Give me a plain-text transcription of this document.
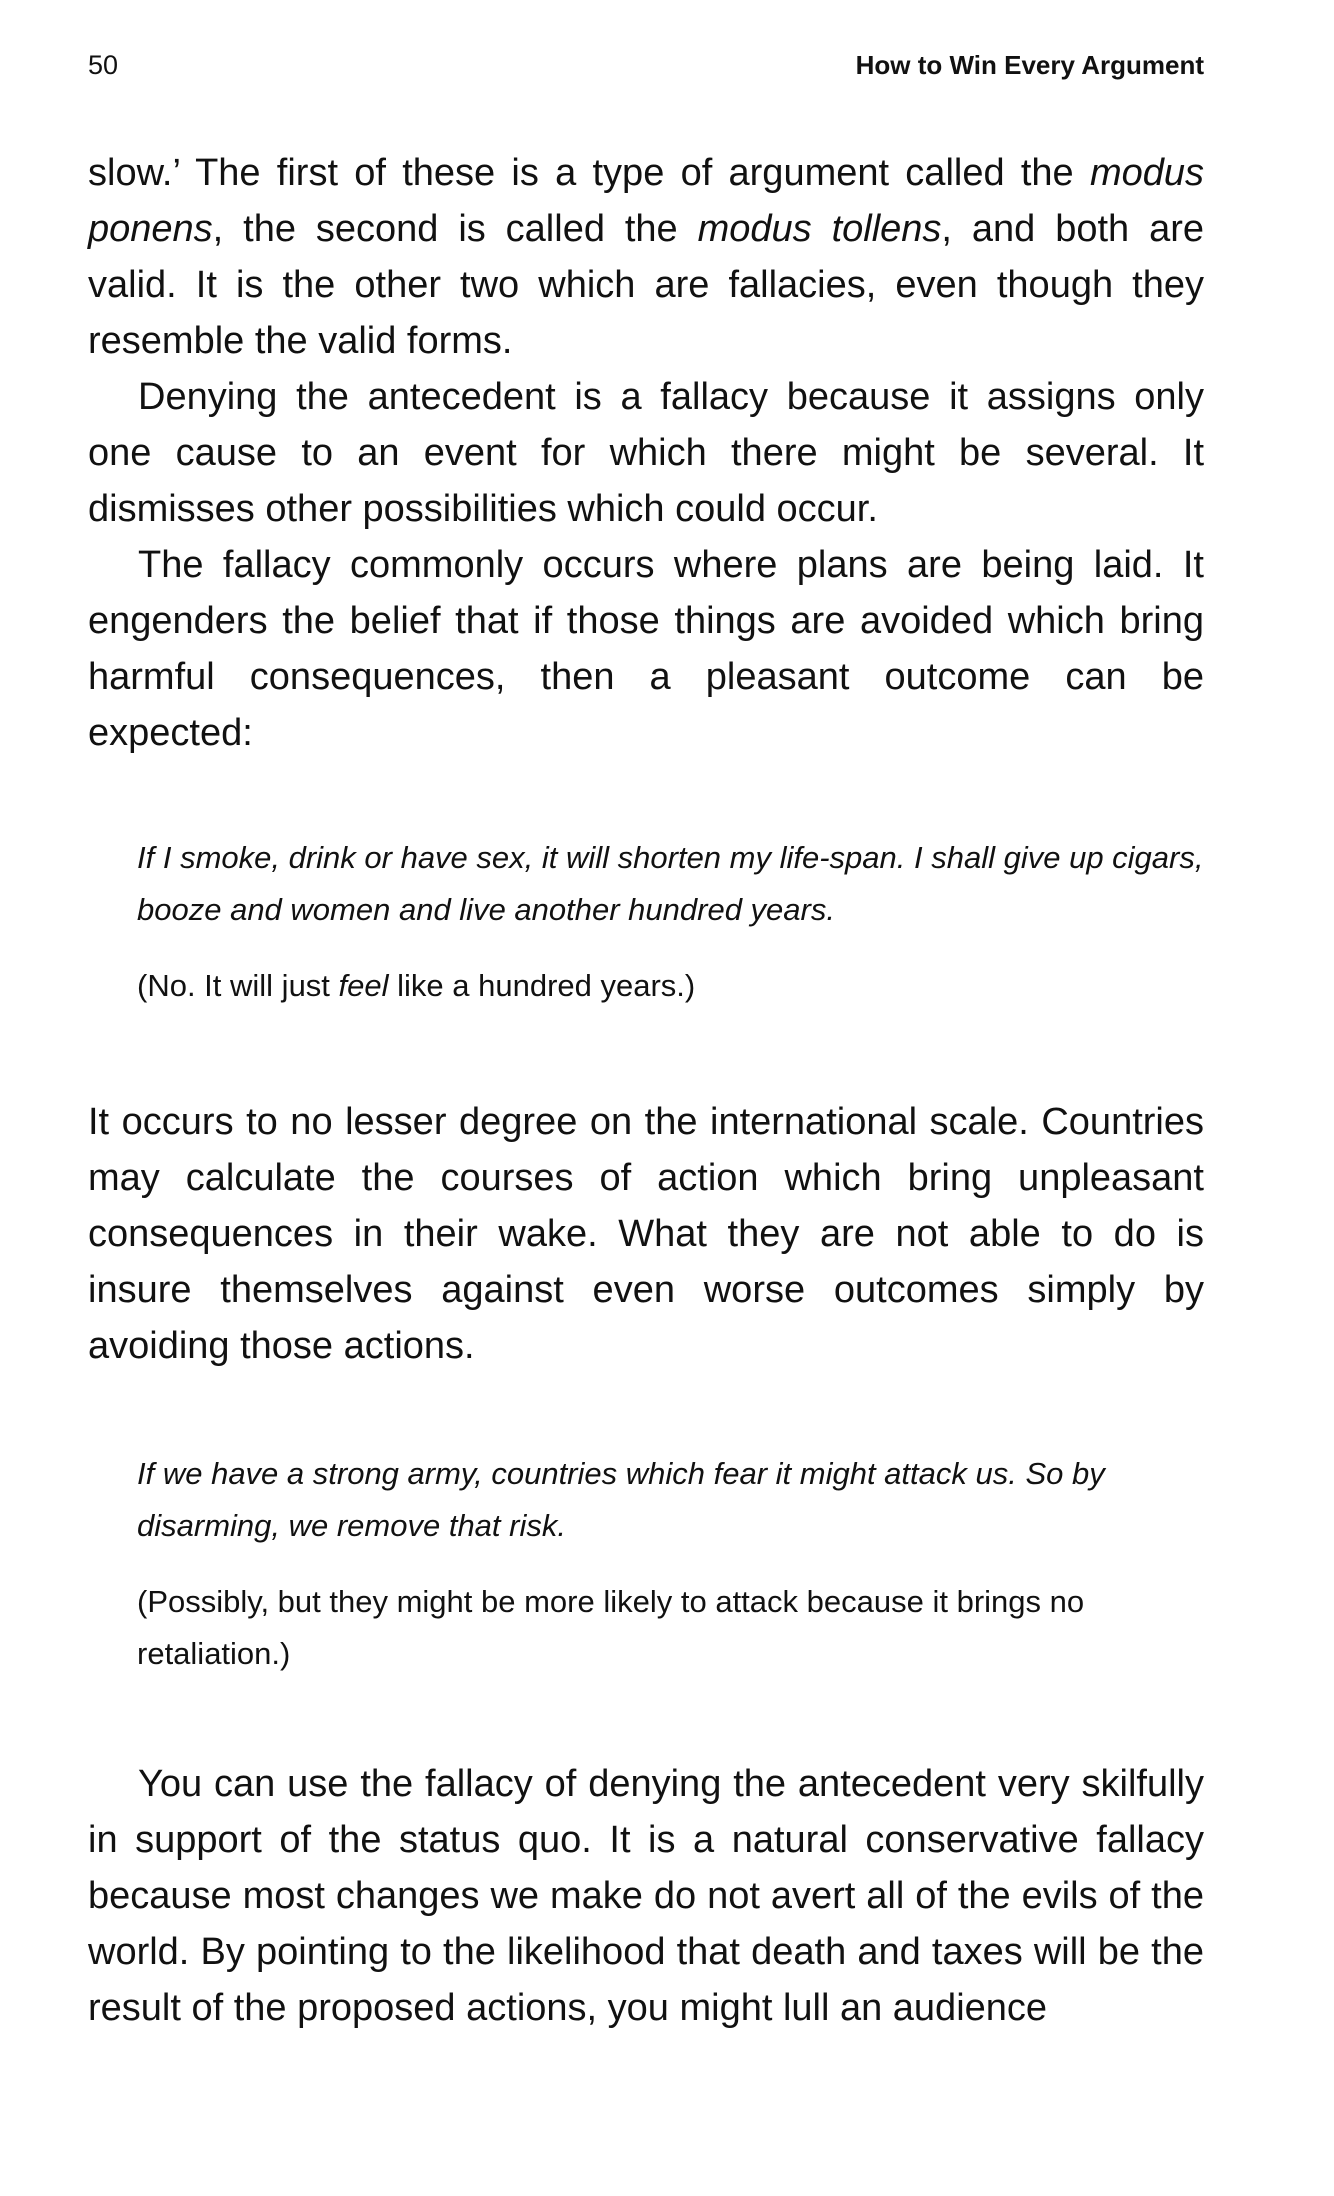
50	How to Win Every Argument

slow.’ The first of these is a type of argument called the modus ponens, the second is called the modus tollens, and both are valid. It is the other two which are fallacies, even though they resemble the valid forms.

Denying the antecedent is a fallacy because it assigns only one cause to an event for which there might be several. It dismisses other possibilities which could occur.

The fallacy commonly occurs where plans are being laid. It engenders the belief that if those things are avoided which bring harmful consequences, then a pleasant outcome can be expected:

If I smoke, drink or have sex, it will shorten my life-span. I shall give up cigars, booze and women and live another hundred years.
(No. It will just feel like a hundred years.)

It occurs to no lesser degree on the international scale. Countries may calculate the courses of action which bring unpleasant consequences in their wake. What they are not able to do is insure themselves against even worse outcomes simply by avoiding those actions.

If we have a strong army, countries which fear it might attack us. So by disarming, we remove that risk.
(Possibly, but they might be more likely to attack because it brings no retaliation.)

You can use the fallacy of denying the antecedent very skilfully in support of the status quo. It is a natural conservative fallacy because most changes we make do not avert all of the evils of the world. By pointing to the likelihood that death and taxes will be the result of the proposed actions, you might lull an audience
